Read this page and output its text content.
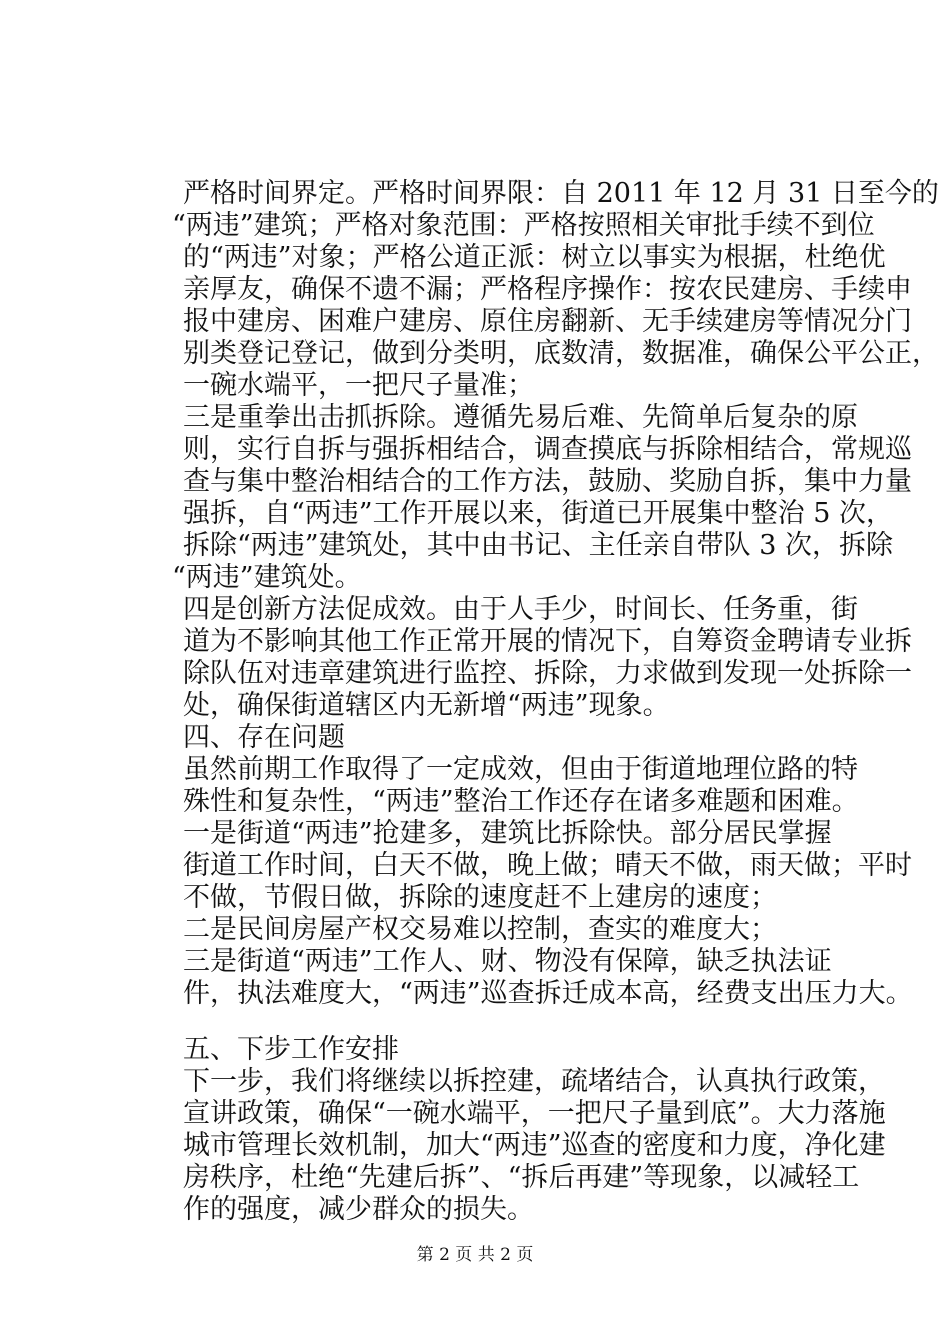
严格时间界定。严格时间界限：自 2011 年 12 月 31 日至今的
“两违”建筑；严格对象范围：严格按照相关审批手续不到位
的“两违”对象；严格公道正派：树立以事实为根据，杜绝优
亲厚友，确保不遗不漏；严格程序操作：按农民建房、手续申
报中建房、困难户建房、原住房翻新、无手续建房等情况分门
别类登记登记，做到分类明，底数清，数据准，确保公平公正，
一碗水端平，一把尺子量准；
三是重拳出击抓拆除。遵循先易后难、先简单后复杂的原
则，实行自拆与强拆相结合，调查摸底与拆除相结合，常规巡
查与集中整治相结合的工作方法，鼓励、奖励自拆，集中力量
强拆，自“两违”工作开展以来，街道已开展集中整治 5 次，
拆除“两违”建筑处，其中由书记、主任亲自带队 3 次，拆除
“两违”建筑处。
四是创新方法促成效。由于人手少，时间长、任务重，街
道为不影响其他工作正常开展的情况下，自筹资金聘请专业拆
除队伍对违章建筑进行监控、拆除，力求做到发现一处拆除一
处，确保街道辖区内无新增“两违”现象。
四、存在问题
虽然前期工作取得了一定成效，但由于街道地理位路的特
殊性和复杂性，“两违”整治工作还存在诸多难题和困难。
一是街道“两违”抢建多，建筑比拆除快。部分居民掌握
街道工作时间，白天不做，晚上做；晴天不做，雨天做；平时
不做，节假日做，拆除的速度赶不上建房的速度；
二是民间房屋产权交易难以控制，查实的难度大；
三是街道“两违”工作人、财、物没有保障，缺乏执法证
件，执法难度大，“两违”巡查拆迁成本高，经费支出压力大。
五、下步工作安排
下一步，我们将继续以拆控建，疏堵结合，认真执行政策，
宣讲政策，确保“一碗水端平，一把尺子量到底”。大力落施
城市管理长效机制，加大“两违”巡查的密度和力度，净化建
房秩序，杜绝“先建后拆”、“拆后再建”等现象，以减轻工
作的强度，减少群众的损失。
第 2 页 共 2 页
